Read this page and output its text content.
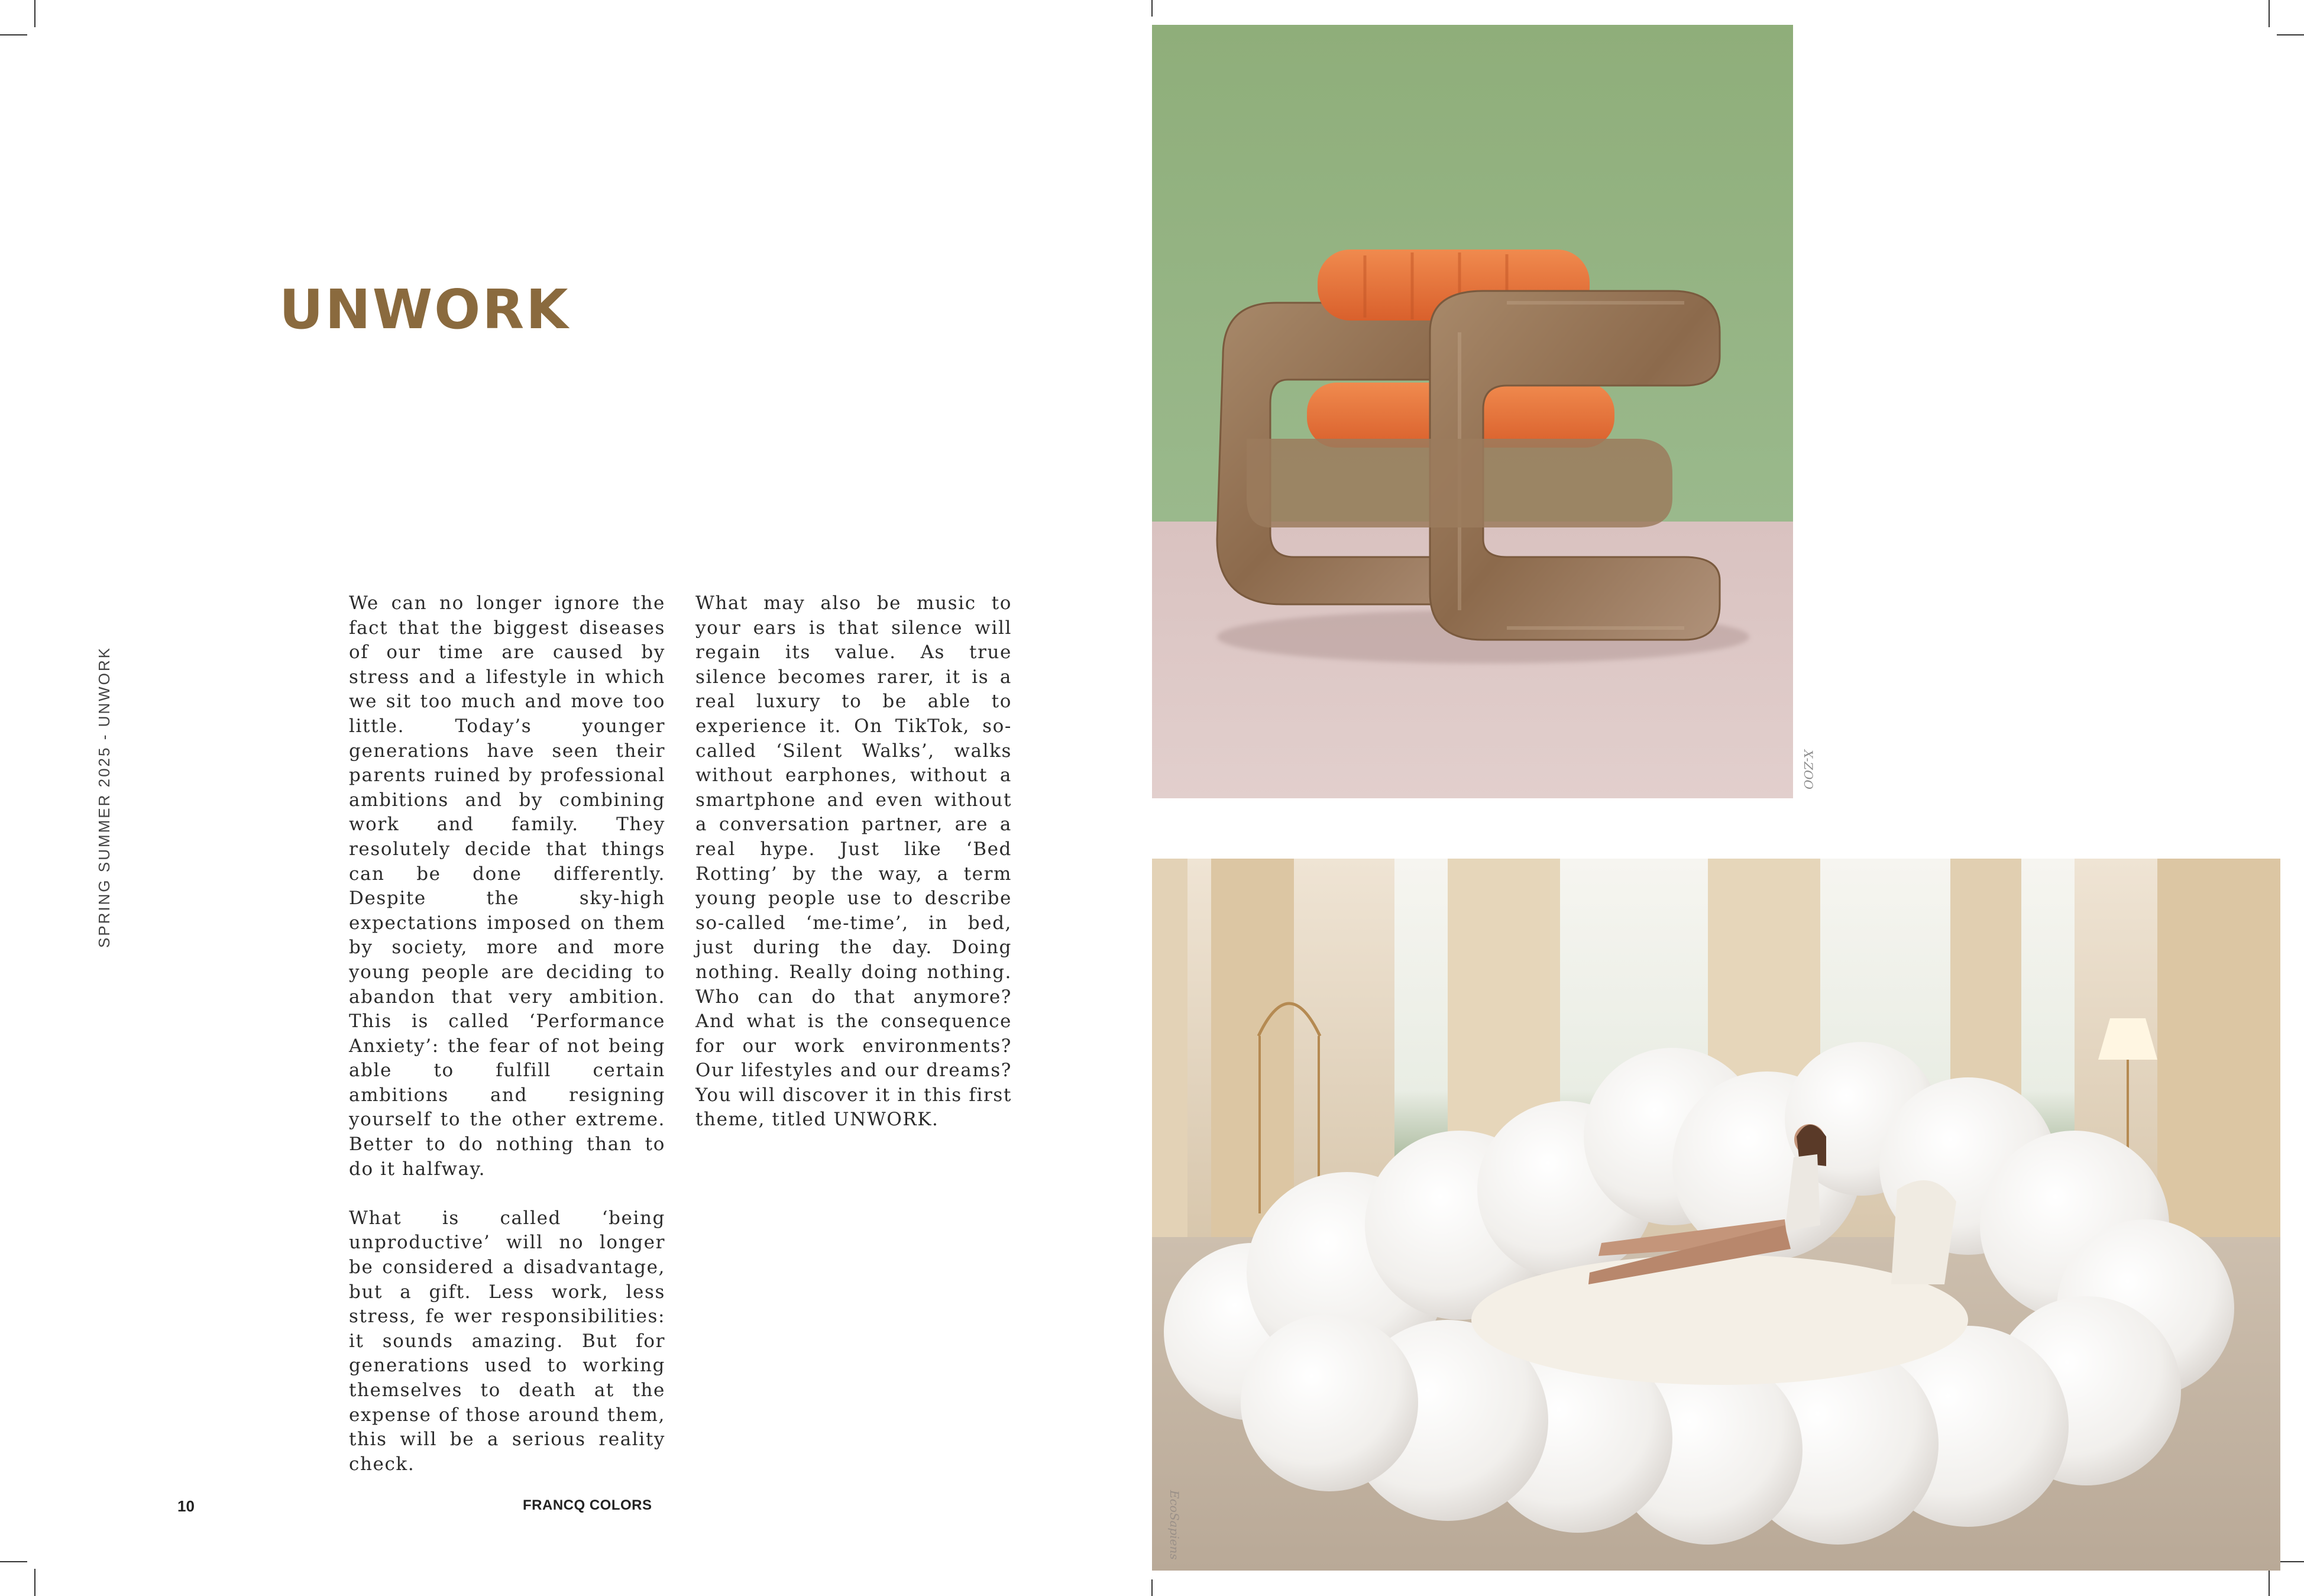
UNWORK
SPRING SUMMER 2025 - UNWORK

We can no longer ignore the fact that the biggest diseases of our time are caused by stress and a lifestyle in which we sit too much and move too little. Today’s younger generations have seen their parents ruined by professional ambitions and by combining work and family. They resolutely decide that things can be done differently. Despite the sky-high expectations imposed on them by society, more and more young people are deciding to abandon that very ambition. This is called ‘Performance Anxiety’: the fear of not being able to fulfill certain ambitions and resigning yourself to the other extreme. Better to do nothing than to do it halfway.

What is called ‘being unproductive’ will no longer be considered a disadvantage, but a gift. Less work, less stress, fe wer responsibilities: it sounds amazing. But for generations used to working themselves to death at the expense of those around them, this will be a serious reality check.

What may also be music to your ears is that silence will regain its value. As true silence becomes rarer, it is a real luxury to be able to experience it. On TikTok, so-called ‘Silent Walks’, walks without earphones, without a smartphone and even without a conversation partner, are a real hype. Just like ‘Bed Rotting’ by the way, a term young people use to describe so-called ‘me-time’, in bed, just during the day. Doing nothing. Really doing nothing. Who can do that anymore? And what is the consequence for our work environments? Our lifestyles and our dreams? You will discover it in this first theme, titled UNWORK.

10	FRANCQ COLORS
X-ZOO
EcoSapiens
